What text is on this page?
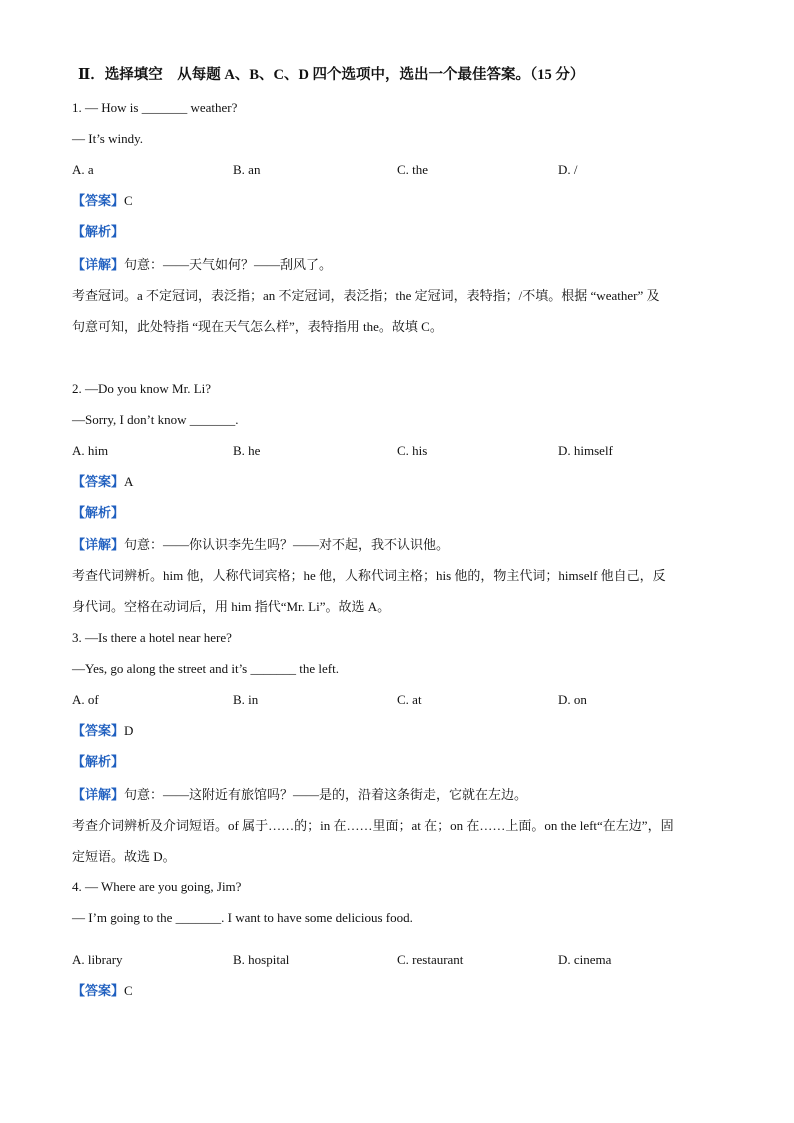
Ⅱ．选择填空　从每题 A、B、C、D 四个选项中，选出一个最佳答案。（15 分）
1. — How is _______ weather?
— It’s windy.
A. a	B. an	C. the	D. /
【答案】C
【解析】
【详解】句意：——天气如何？——刮风了。
考查冠词。a 不定冠词，表泛指；an 不定冠词，表泛指；the 定冠词，表特指；/不填。根据 “weather” 及
句意可知，此处特指 “现在天气怎么样”，表特指用 the。故填 C。
2. —Do you know Mr. Li?
—Sorry, I don’t know _______.
A. him	B. he	C. his	D. himself
【答案】A
【解析】
【详解】句意：——你认识李先生吗？——对不起，我不认识他。
考查代词辨析。him 他，人称代词宾格；he 他，人称代词主格；his 他的，物主代词；himself 他自己，反
身代词。空格在动词后，用 him 指代“Mr. Li”。故选 A。
3. —Is there a hotel near here?
—Yes, go along the street and it’s _______ the left.
A. of	B. in	C. at	D. on
【答案】D
【解析】
【详解】句意：——这附近有旅馆吗？——是的，沿着这条街走，它就在左边。
考查介词辨析及介词短语。of 属于……的；in 在……里面；at 在；on 在……上面。on the left“在左边”，固
定短语。故选 D。
4. — Where are you going, Jim?
— I’m going to the _______. I want to have some delicious food.
A. library	B. hospital	C. restaurant	D. cinema
【答案】C
